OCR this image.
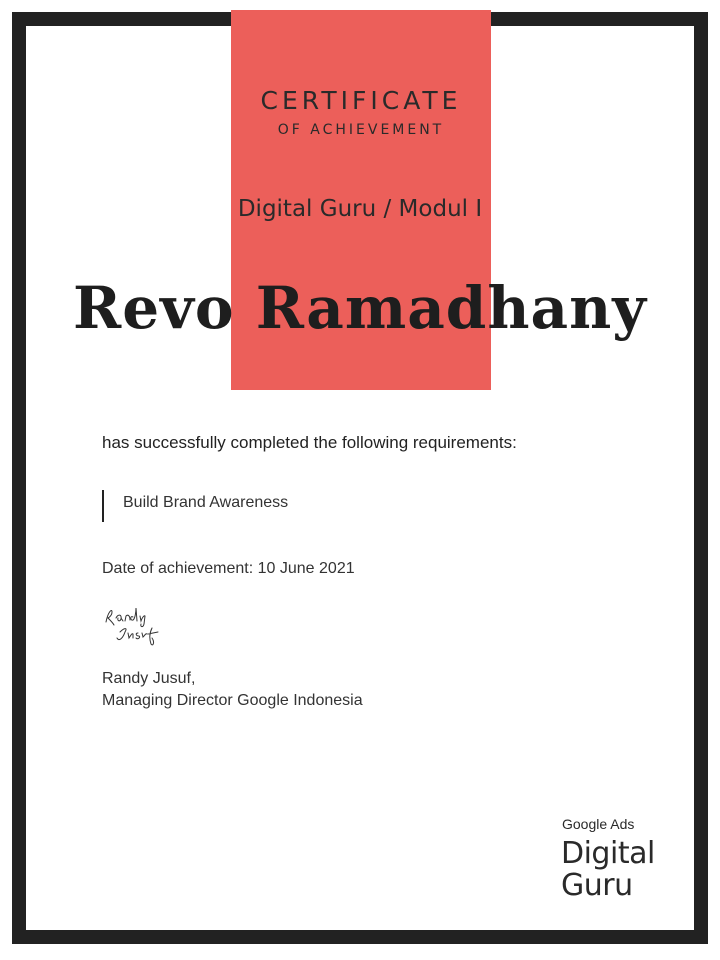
CERTIFICATE
OF ACHIEVEMENT
Digital Guru / Modul I
Revo Ramadhany
has successfully completed the following requirements:
Build Brand Awareness
Date of achievement: 10 June 2021
Randy Jusuf,
Managing Director Google Indonesia
Google Ads
Digital
Guru
